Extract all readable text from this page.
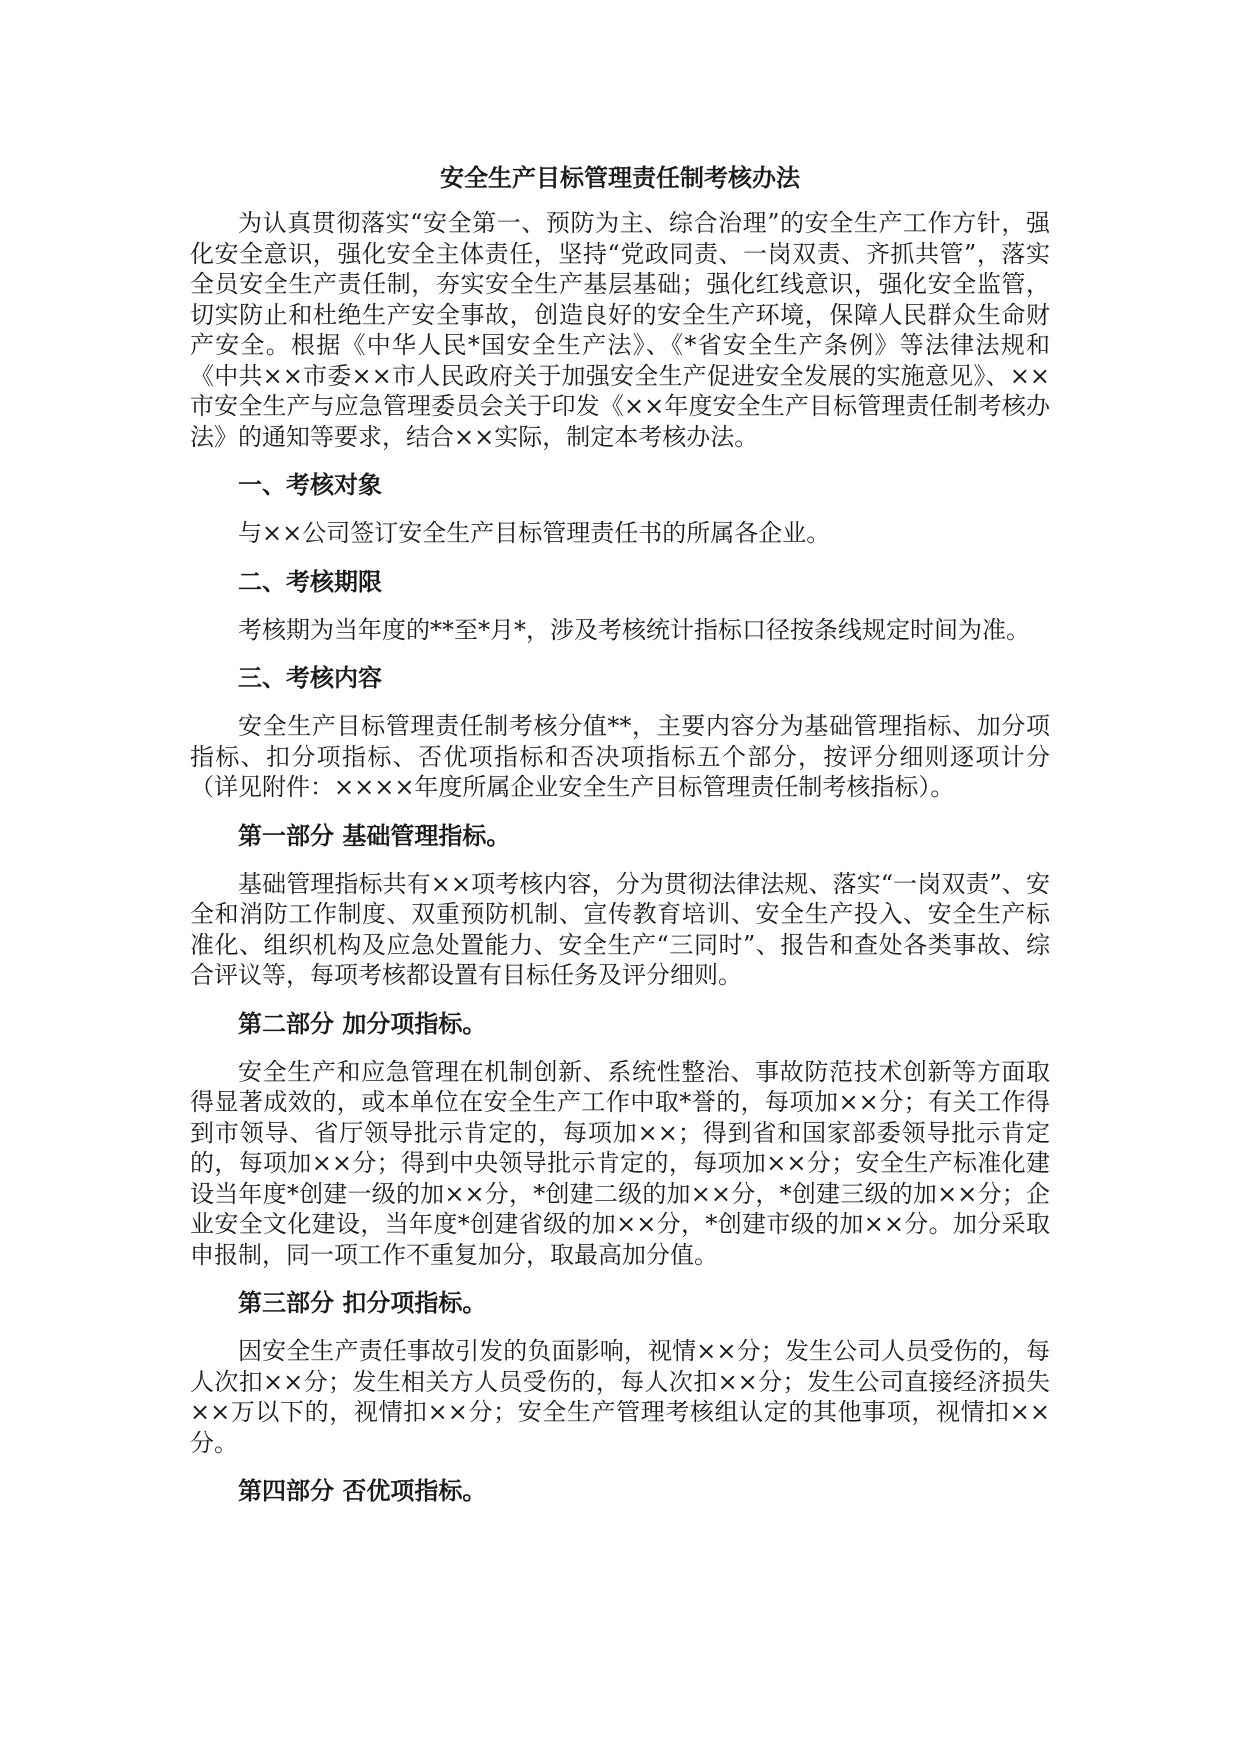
安全生产目标管理责任制考核办法

为认真贯彻落实“安全第一、预防为主、综合治理”的安全生产工作方针，强化安全意识，强化安全主体责任，坚持“党政同责、一岗双责、齐抓共管”，落实全员安全生产责任制，夯实安全生产基层基础；强化红线意识，强化安全监管，切实防止和杜绝生产安全事故，创造良好的安全生产环境，保障人民群众生命财产安全。根据《中华人民*国安全生产法》、《*省安全生产条例》等法律法规和《中共××市委××市人民政府关于加强安全生产促进安全发展的实施意见》、××市安全生产与应急管理委员会关于印发《××年度安全生产目标管理责任制考核办法》的通知等要求，结合××实际，制定本考核办法。

一、考核对象

与××公司签订安全生产目标管理责任书的所属各企业。

二、考核期限

考核期为当年度的**至*月*，涉及考核统计指标口径按条线规定时间为准。

三、考核内容

安全生产目标管理责任制考核分值**，主要内容分为基础管理指标、加分项指标、扣分项指标、否优项指标和否决项指标五个部分，按评分细则逐项计分（详见附件：××××年度所属企业安全生产目标管理责任制考核指标）。

第一部分 基础管理指标。

基础管理指标共有××项考核内容，分为贯彻法律法规、落实“一岗双责”、安全和消防工作制度、双重预防机制、宣传教育培训、安全生产投入、安全生产标准化、组织机构及应急处置能力、安全生产“三同时”、报告和查处各类事故、综合评议等，每项考核都设置有目标任务及评分细则。

第二部分 加分项指标。

安全生产和应急管理在机制创新、系统性整治、事故防范技术创新等方面取得显著成效的，或本单位在安全生产工作中取*誉的，每项加××分；有关工作得到市领导、省厅领导批示肯定的，每项加××；得到省和国家部委领导批示肯定的，每项加××分；得到中央领导批示肯定的，每项加××分；安全生产标准化建设当年度*创建一级的加××分，*创建二级的加××分，*创建三级的加××分；企业安全文化建设，当年度*创建省级的加××分，*创建市级的加××分。加分采取申报制，同一项工作不重复加分，取最高加分值。

第三部分 扣分项指标。

因安全生产责任事故引发的负面影响，视情××分；发生公司人员受伤的，每人次扣××分；发生相关方人员受伤的，每人次扣××分；发生公司直接经济损失××万以下的，视情扣××分；安全生产管理考核组认定的其他事项，视情扣××分。

第四部分 否优项指标。
